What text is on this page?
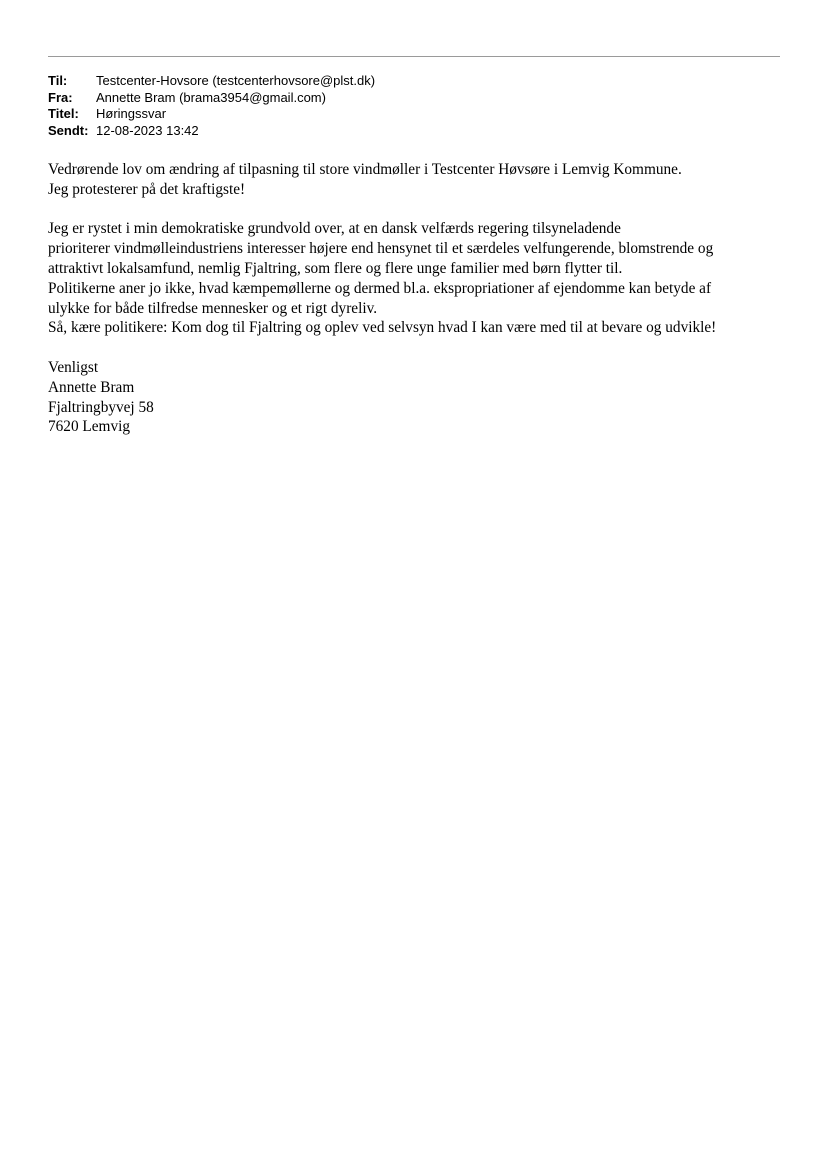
Til:	Testcenter-Hovsore (testcenterhovsore@plst.dk)
Fra:	Annette Bram (brama3954@gmail.com)
Titel:	Høringssvar
Sendt: 12-08-2023 13:42

Vedrørende lov om ændring af tilpasning til store vindmøller i Testcenter Høvsøre i Lemvig Kommune.
Jeg protesterer på det kraftigste!

Jeg er rystet i min demokratiske grundvold over, at en dansk velfærds regering tilsyneladende
prioriterer vindmølleindustriens interesser højere end hensynet til et særdeles velfungerende, blomstrende og
attraktivt lokalsamfund, nemlig Fjaltring, som flere og flere unge familier med børn flytter til.
Politikerne aner jo ikke, hvad kæmpemøllerne og dermed bl.a. ekspropriationer af ejendomme kan betyde af
ulykke for både tilfredse mennesker og et rigt dyreliv.
Så, kære politikere: Kom dog til Fjaltring og oplev ved selvsyn hvad I kan være med til at bevare og udvikle!

Venligst
Annette Bram
Fjaltringbyvej 58
7620 Lemvig
